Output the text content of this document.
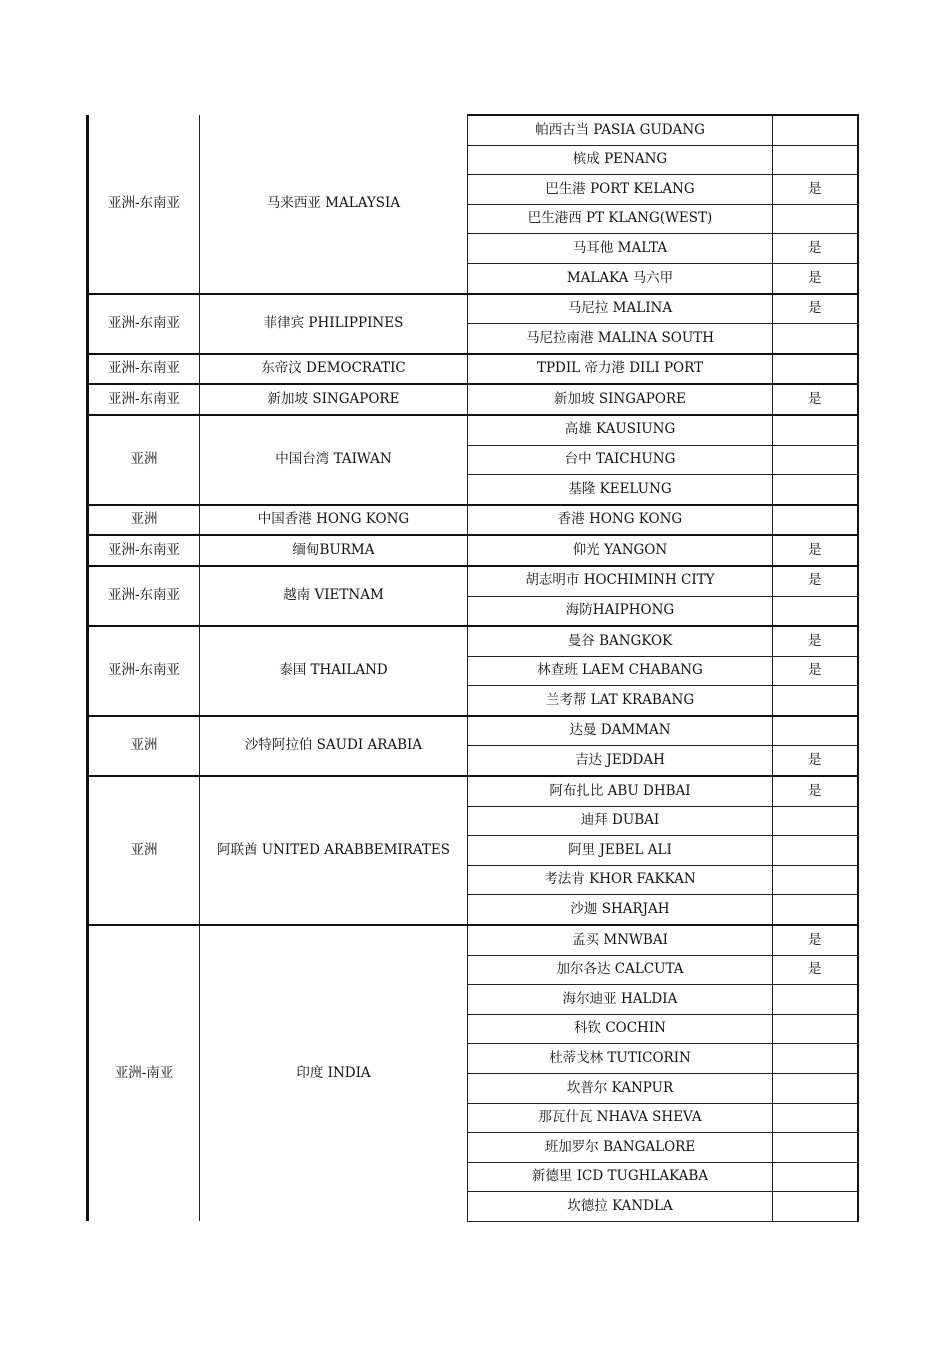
亚洲-东南亚	马来西亚 MALAYSIA	帕西古当 PASIA GUDANG	
		槟成 PENANG	
		巴生港 PORT KELANG	是
		巴生港西 PT KLANG(WEST)	
		马耳他 MALTA	是
		MALAKA 马六甲	是
亚洲-东南亚	菲律宾 PHILIPPINES	马尼拉 MALINA	是
		马尼拉南港 MALINA SOUTH	
亚洲-东南亚	东帝汶 DEMOCRATIC	TPDIL 帝力港 DILI PORT	
亚洲-东南亚	新加坡 SINGAPORE	新加坡 SINGAPORE	是
亚洲	中国台湾 TAIWAN	高雄 KAUSIUNG	
		台中 TAICHUNG	
		基隆 KEELUNG	
亚洲	中国香港 HONG KONG	香港 HONG KONG	
亚洲-东南亚	缅甸BURMA	仰光 YANGON	是
亚洲-东南亚	越南 VIETNAM	胡志明市 HOCHIMINH CITY	是
		海防HAIPHONG	
亚洲-东南亚	泰国 THAILAND	曼谷 BANGKOK	是
		林查班 LAEM CHABANG	是
		兰考帮 LAT KRABANG	
亚洲	沙特阿拉伯 SAUDI ARABIA	达曼 DAMMAN	
		吉达 JEDDAH	是
亚洲	阿联酋 UNITED ARABBEMIRATES	阿布扎比 ABU DHBAI	是
		迪拜 DUBAI	
		阿里 JEBEL ALI	
		考法肯 KHOR FAKKAN	
		沙迦 SHARJAH	
亚洲-南亚	印度 INDIA	孟买 MNWBAI	是
		加尔各达 CALCUTA	是
		海尔迪亚 HALDIA	
		科钦 COCHIN	
		杜蒂戈林 TUTICORIN	
		坎普尔 KANPUR	
		那瓦什瓦 NHAVA SHEVA	
		班加罗尔 BANGALORE	
		新德里 ICD TUGHLAKABA	
		坎德拉 KANDLA	
